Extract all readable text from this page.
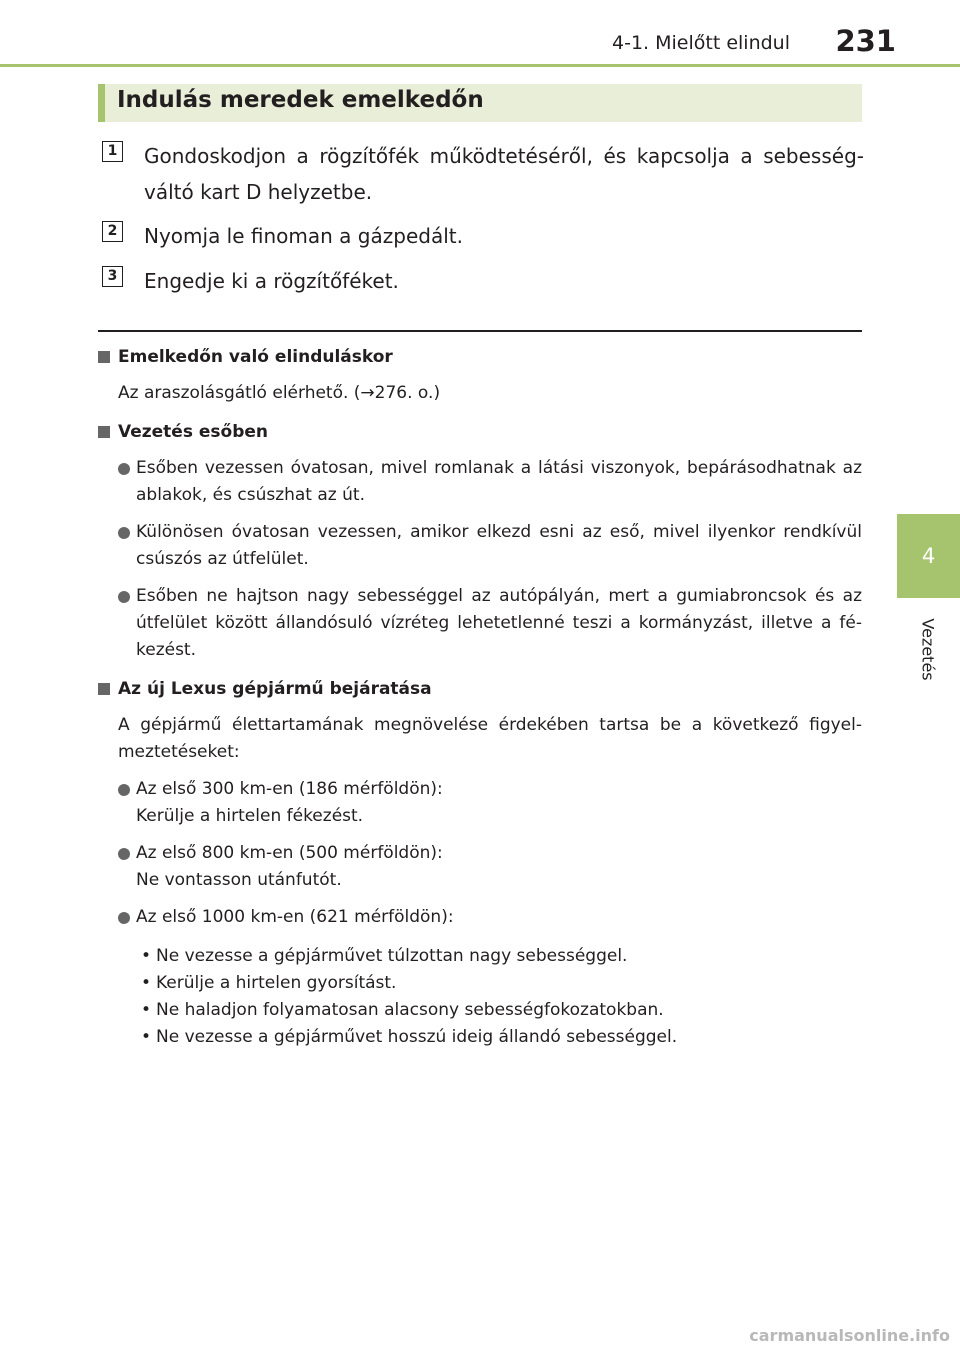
4-1. Mielőtt elindul	231
4
Vezetés
Indulás meredek emelkedőn
1 Gondoskodjon a rögzítőfék működtetéséről, és kapcsolja a sebesség-váltó kart D helyzetbe.
2 Nyomja le finoman a gázpedált.
3 Engedje ki a rögzítőféket.
Emelkedőn való elinduláskor
Az araszolásgátló elérhető. (→276. o.)
Vezetés esőben
Esőben vezessen óvatosan, mivel romlanak a látási viszonyok, bepárásodhatnak az ablakok, és csúszhat az út.
Különösen óvatosan vezessen, amikor elkezd esni az eső, mivel ilyenkor rendkívül csúszós az útfelület.
Esőben ne hajtson nagy sebességgel az autópályán, mert a gumiabroncsok és az útfelület között állandósuló vízréteg lehetetlenné teszi a kormányzást, illetve a fé-kezést.
Az új Lexus gépjármű bejáratása
A gépjármű élettartamának megnövelése érdekében tartsa be a következő figyel-meztetéseket:
Az első 300 km-en (186 mérföldön):
Kerülje a hirtelen fékezést.
Az első 800 km-en (500 mérföldön):
Ne vontasson utánfutót.
Az első 1000 km-en (621 mérföldön):
• Ne vezesse a gépjárművet túlzottan nagy sebességgel.
• Kerülje a hirtelen gyorsítást.
• Ne haladjon folyamatosan alacsony sebességfokozatokban.
• Ne vezesse a gépjárművet hosszú ideig állandó sebességgel.
carmanualsonline.info
